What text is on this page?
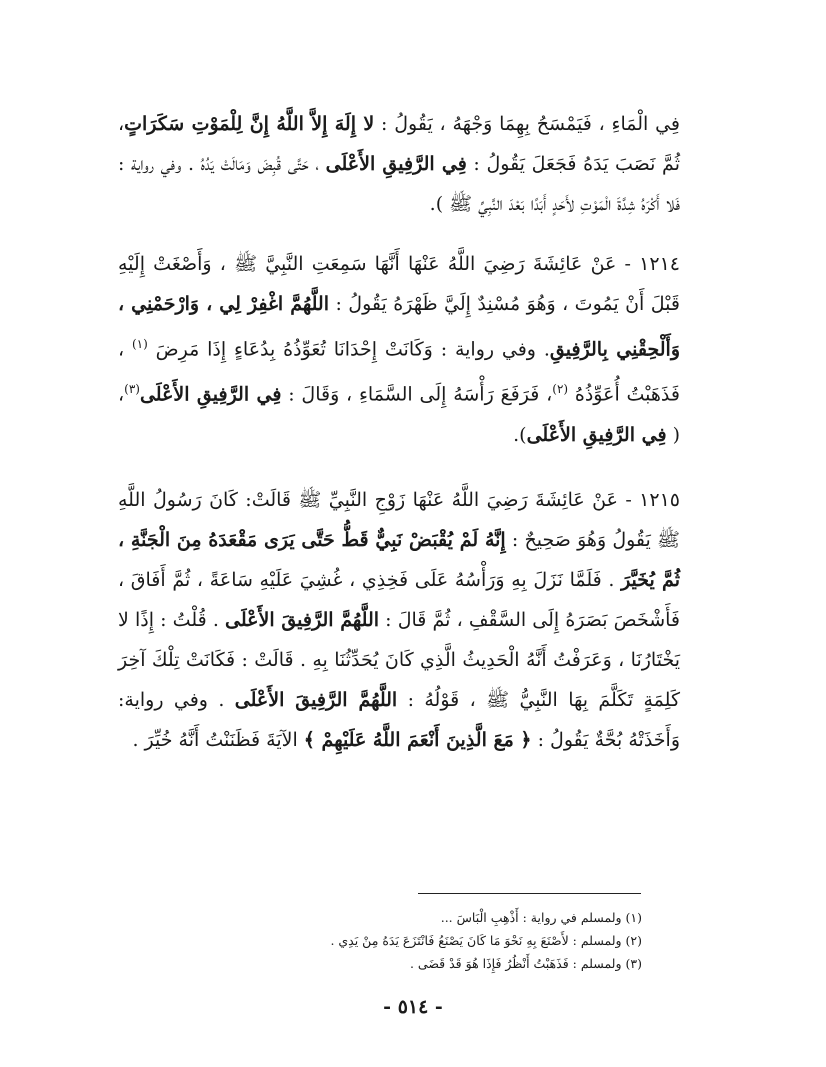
فِي الْمَاءِ ، فَيَمْسَحُ بِهِمَا وَجْهَهُ ، يَقُولُ : لا إِلَهَ إِلاَّ اللَّهُ إِنَّ لِلْمَوْتِ سَكَرَاتٍ، ثُمَّ نَصَبَ يَدَهُ فَجَعَلَ يَقُولُ : فِي الرَّفِيقِ الأَعْلَى ، حَتَّى قُبِضَ وَمَالَتْ يَدُهُ . وفي رواية : فَلا أَكْرَهُ شِدَّةَ الْمَوْتِ لأَحَدٍ أَبَدًا بَعْدَ النَّبِيِّ ﷺ ).

١٢١٤ - عَنْ عَائِشَةَ رَضِيَ اللَّهُ عَنْهَا أَنَّهَا سَمِعَتِ النَّبِيَّ ﷺ ، وَأَصْغَتْ إِلَيْهِ قَبْلَ أَنْ يَمُوتَ ، وَهُوَ مُسْنِدٌ إِلَيَّ ظَهْرَهُ يَقُولُ : اللَّهُمَّ اغْفِرْ لِي ، وَارْحَمْنِي ، وَأَلْحِقْنِي بِالرَّفِيقِ. وفي رواية : وَكَانَتْ إِحْدَانَا تُعَوِّذُهُ بِدُعَاءٍ إِذَا مَرِضَ $^{(١)}$ ، فَذَهَبْتُ أُعَوِّذُهُ $^{(٢)}$، فَرَفَعَ رَأْسَهُ إِلَى السَّمَاءِ ، وَقَالَ : فِي الرَّفِيقِ الأَعْلَى$^{(٣)}$، ( فِي الرَّفِيقِ الأَعْلَى).

١٢١٥ - عَنْ عَائِشَةَ رَضِيَ اللَّهُ عَنْهَا زَوْجِ النَّبِيِّ ﷺ قَالَتْ: كَانَ رَسُولُ اللَّهِ ﷺ يَقُولُ وَهُوَ صَحِيحٌ : إِنَّهُ لَمْ يُقْبَضْ نَبِيٌّ قَطُّ حَتَّى يَرَى مَقْعَدَهُ مِنَ الْجَنَّةِ ، ثُمَّ يُخَيَّرَ . فَلَمَّا نَزَلَ بِهِ وَرَأْسُهُ عَلَى فَخِذِي ، غُشِيَ عَلَيْهِ سَاعَةً ، ثُمَّ أَفَاقَ ، فَأَشْخَصَ بَصَرَهُ إِلَى السَّقْفِ ، ثُمَّ قَالَ : اللَّهُمَّ الرَّفِيقَ الأَعْلَى . قُلْتُ : إِذًا لا يَخْتَارُنَا ، وَعَرَفْتُ أَنَّهُ الْحَدِيثُ الَّذِي كَانَ يُحَدِّثُنَا بِهِ . قَالَتْ : فَكَانَتْ تِلْكَ آخِرَ كَلِمَةٍ تَكَلَّمَ بِهَا النَّبِيُّ ﷺ ، قَوْلُهُ : اللَّهُمَّ الرَّفِيقَ الأَعْلَى . وفي رواية: وَأَخَذَتْهُ بُحَّةٌ يَقُولُ : ﴿ مَعَ الَّذِينَ أَنْعَمَ اللَّهُ عَلَيْهِمْ ﴾ الآيَةَ فَظَنَنْتُ أَنَّهُ خُيِّرَ .

(١) ولمسلم في رواية : أَذْهِبِ الْبَاسَ ...

(٢) ولمسلم : لأَصْنَعَ بِهِ نَحْوَ مَا كَانَ يَصْنَعُ فَانْتَزَعَ يَدَهُ مِنْ يَدِي .

(٣) ولمسلم : فَذَهَبْتُ أَنْظُرُ فَإِذَا هُوَ قَدْ قَضَى .

- ٥١٤ -
